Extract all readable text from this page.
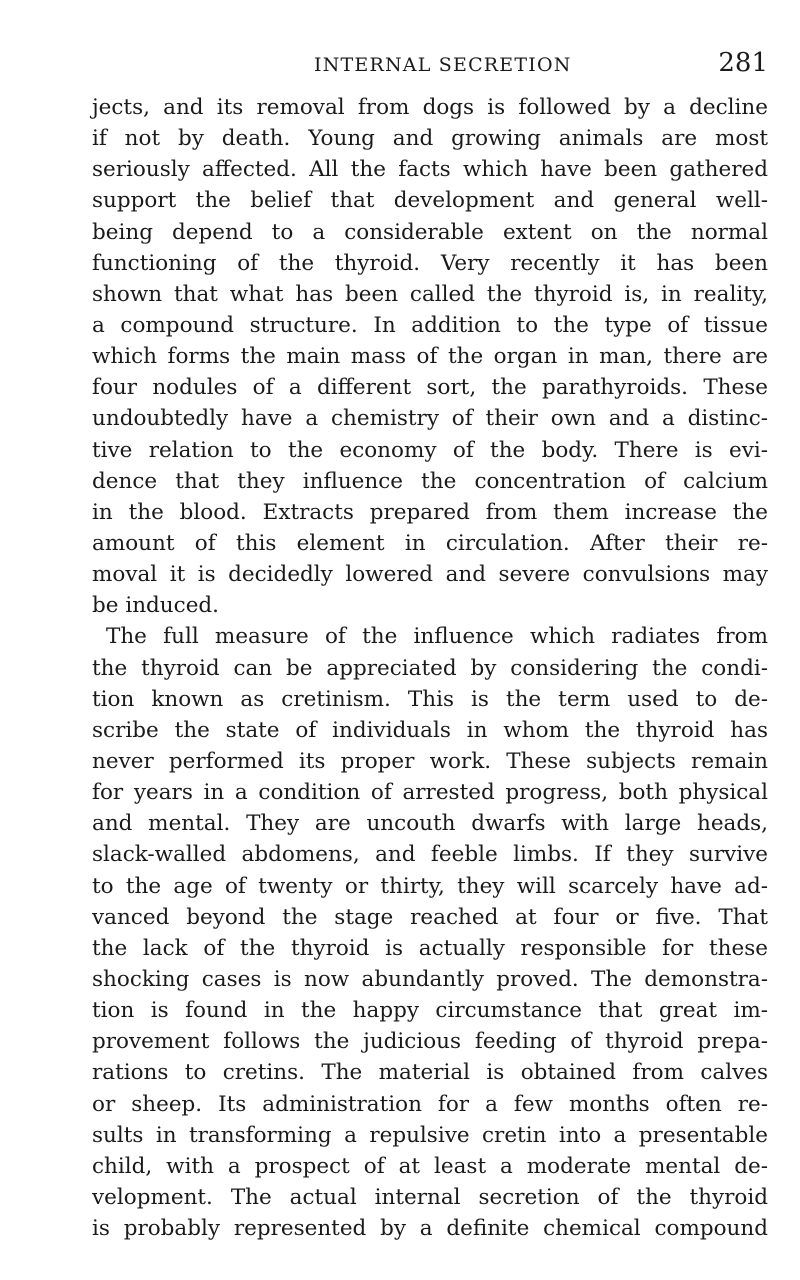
INTERNAL SECRETION	281
jects, and its removal from dogs is followed by a decline
if not by death. Young and growing animals are most
seriously affected. All the facts which have been gathered
support the belief that development and general well-
being depend to a considerable extent on the normal
functioning of the thyroid. Very recently it has been
shown that what has been called the thyroid is, in reality,
a compound structure. In addition to the type of tissue
which forms the main mass of the organ in man, there are
four nodules of a different sort, the parathyroids. These
undoubtedly have a chemistry of their own and a distinc-
tive relation to the economy of the body. There is evi-
dence that they influence the concentration of calcium
in the blood. Extracts prepared from them increase the
amount of this element in circulation. After their re-
moval it is decidedly lowered and severe convulsions may
be induced.
The full measure of the influence which radiates from
the thyroid can be appreciated by considering the condi-
tion known as cretinism. This is the term used to de-
scribe the state of individuals in whom the thyroid has
never performed its proper work. These subjects remain
for years in a condition of arrested progress, both physical
and mental. They are uncouth dwarfs with large heads,
slack-walled abdomens, and feeble limbs. If they survive
to the age of twenty or thirty, they will scarcely have ad-
vanced beyond the stage reached at four or five. That
the lack of the thyroid is actually responsible for these
shocking cases is now abundantly proved. The demonstra-
tion is found in the happy circumstance that great im-
provement follows the judicious feeding of thyroid prepa-
rations to cretins. The material is obtained from calves
or sheep. Its administration for a few months often re-
sults in transforming a repulsive cretin into a presentable
child, with a prospect of at least a moderate mental de-
velopment. The actual internal secretion of the thyroid
is probably represented by a definite chemical compound
